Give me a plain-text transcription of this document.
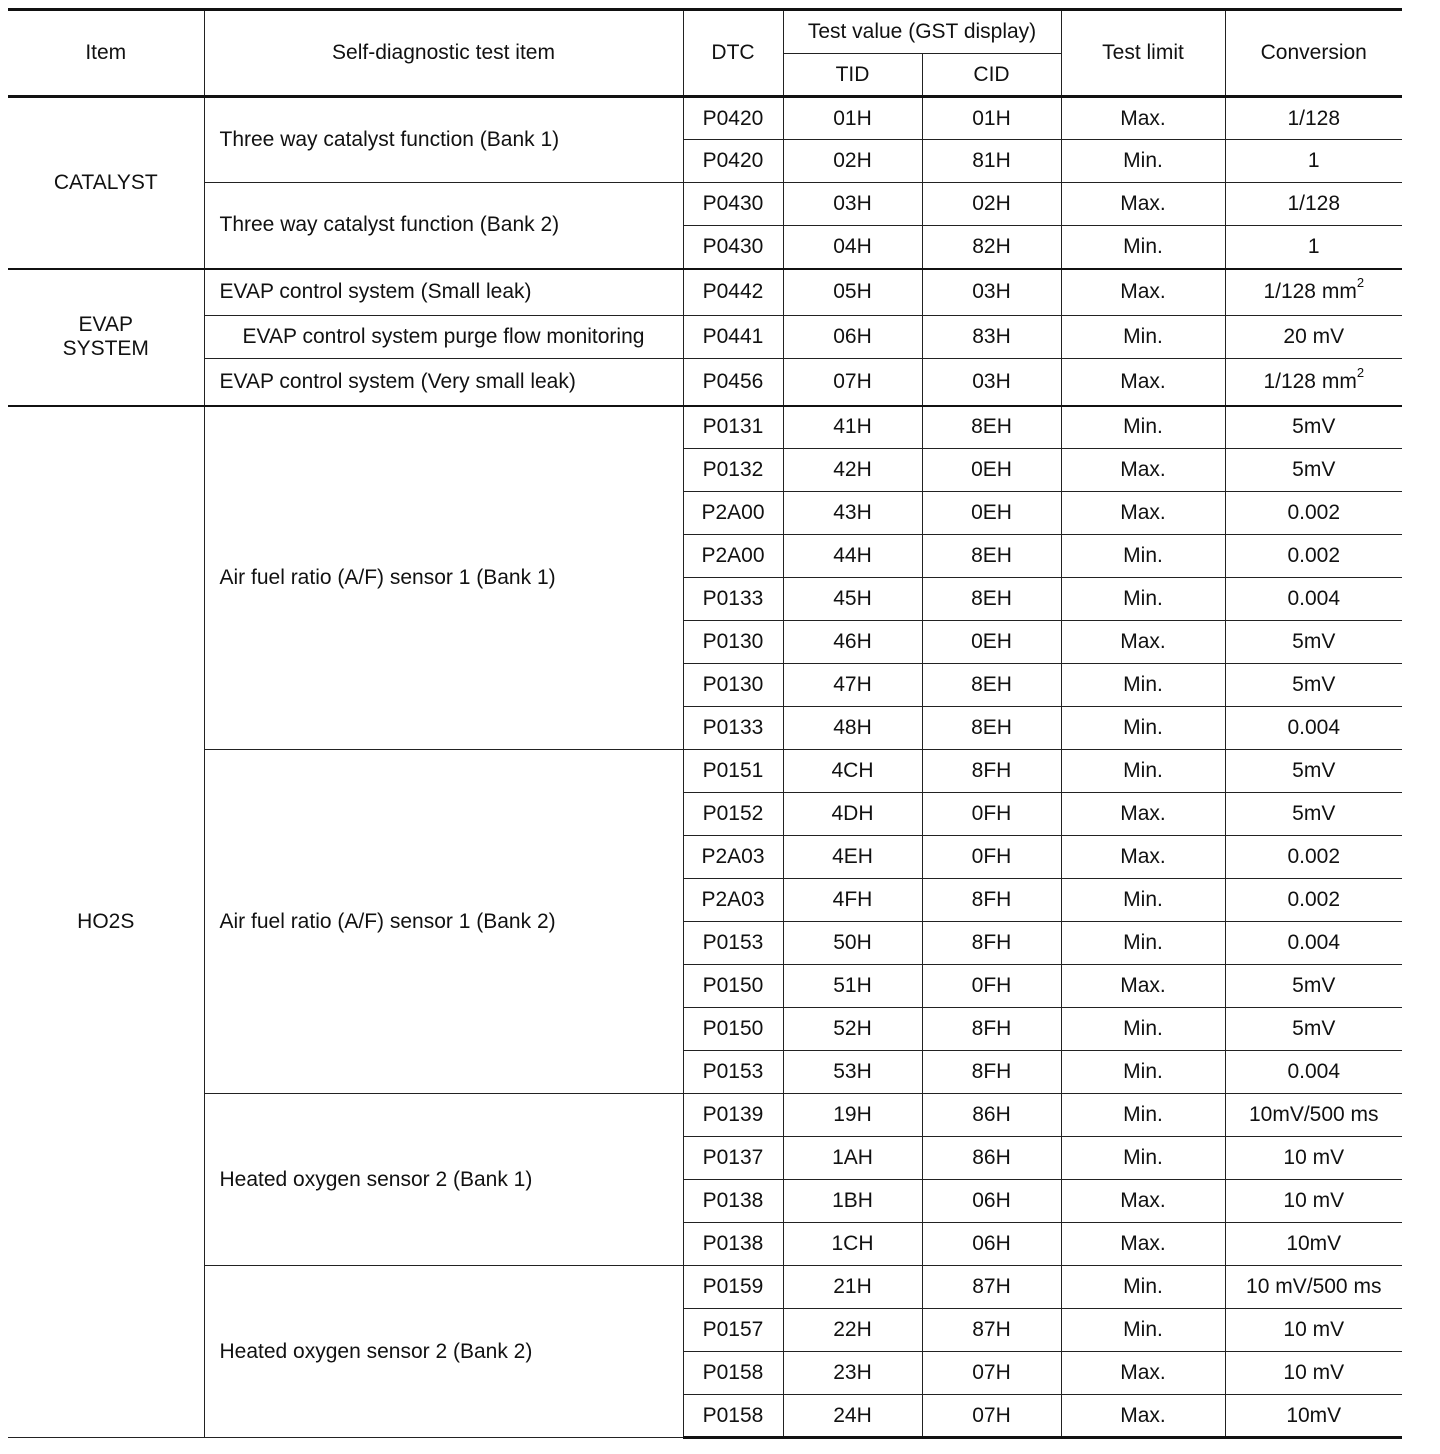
Item	Self-diagnostic test item	DTC	Test value (GST display)		Test limit	Conversion
			TID	CID		
CATALYST	Three way catalyst function (Bank 1)	P0420	01H	01H	Max.	1/128
		P0420	02H	81H	Min.	1
	Three way catalyst function (Bank 2)	P0430	03H	02H	Max.	1/128
		P0430	04H	82H	Min.	1
EVAP
SYSTEM	EVAP control system (Small leak)	P0442	05H	03H	Max.	1/128 $mm^2$
	EVAP control system purge flow monitoring	P0441	06H	83H	Min.	20 mV
	EVAP control system (Very small leak)	P0456	07H	03H	Max.	1/128 $mm^2$
HO2S	Air fuel ratio (A/F) sensor 1 (Bank 1)	P0131	41H	8EH	Min.	5mV
		P0132	42H	0EH	Max.	5mV
		P2A00	43H	0EH	Max.	0.002
		P2A00	44H	8EH	Min.	0.002
		P0133	45H	8EH	Min.	0.004
		P0130	46H	0EH	Max.	5mV
		P0130	47H	8EH	Min.	5mV
		P0133	48H	8EH	Min.	0.004
	Air fuel ratio (A/F) sensor 1 (Bank 2)	P0151	4CH	8FH	Min.	5mV
		P0152	4DH	0FH	Max.	5mV
		P2A03	4EH	0FH	Max.	0.002
		P2A03	4FH	8FH	Min.	0.002
		P0153	50H	8FH	Min.	0.004
		P0150	51H	0FH	Max.	5mV
		P0150	52H	8FH	Min.	5mV
		P0153	53H	8FH	Min.	0.004
	Heated oxygen sensor 2 (Bank 1)	P0139	19H	86H	Min.	10mV/500 ms
		P0137	1AH	86H	Min.	10 mV
		P0138	1BH	06H	Max.	10 mV
		P0138	1CH	06H	Max.	10mV
	Heated oxygen sensor 2 (Bank 2)	P0159	21H	87H	Min.	10 mV/500 ms
		P0157	22H	87H	Min.	10 mV
		P0158	23H	07H	Max.	10 mV
		P0158	24H	07H	Max.	10mV
